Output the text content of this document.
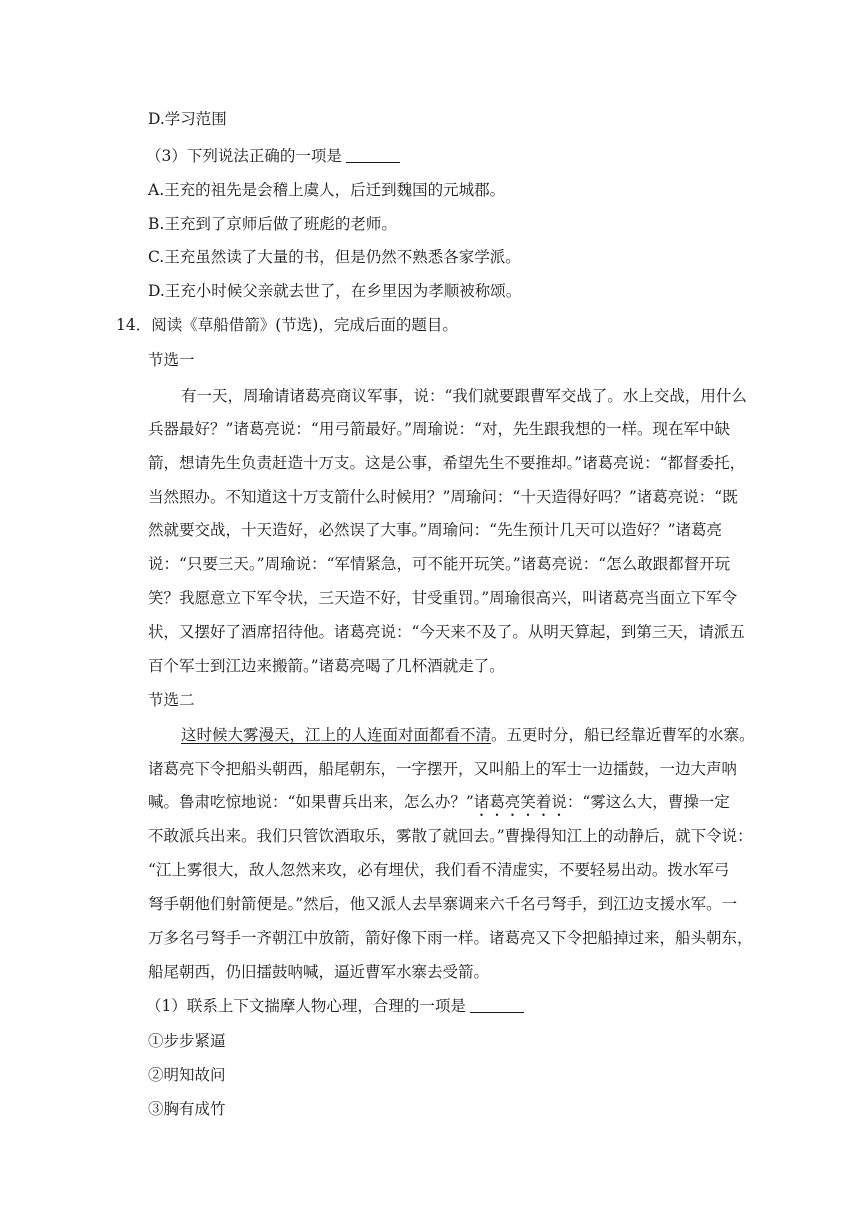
D.学习范围
（3）下列说法正确的一项是
A.王充的祖先是会稽上虞人，后迁到魏国的元城郡。
B.王充到了京师后做了班彪的老师。
C.王充虽然读了大量的书，但是仍然不熟悉各家学派。
D.王充小时候父亲就去世了，在乡里因为孝顺被称颂。
14．阅读《草船借箭》(节选)，完成后面的题目。
节选一
有一天，周瑜请诸葛亮商议军事，说：“我们就要跟曹军交战了。水上交战，用什么
兵器最好？”诸葛亮说：“用弓箭最好。”周瑜说：“对，先生跟我想的一样。现在军中缺
箭，想请先生负责赶造十万支。这是公事，希望先生不要推却。”诸葛亮说：“都督委托，
当然照办。不知道这十万支箭什么时候用？”周瑜问：“十天造得好吗？”诸葛亮说：“既
然就要交战，十天造好，必然误了大事。”周瑜问：“先生预计几天可以造好？”诸葛亮
说：“只要三天。”周瑜说：“军情紧急，可不能开玩笑。”诸葛亮说：“怎么敢跟都督开玩
笑？我愿意立下军令状，三天造不好，甘受重罚。”周瑜很高兴，叫诸葛亮当面立下军令
状，又摆好了酒席招待他。诸葛亮说：“今天来不及了。从明天算起，到第三天，请派五
百个军士到江边来搬箭。”诸葛亮喝了几杯酒就走了。
节选二
这时候大雾漫天，江上的人连面对面都看不清。五更时分，船已经靠近曹军的水寨。
诸葛亮下令把船头朝西，船尾朝东，一字摆开，又叫船上的军士一边擂鼓，一边大声呐
喊。鲁肃吃惊地说：“如果曹兵出来，怎么办？”诸葛亮笑着说：“雾这么大，曹操一定
不敢派兵出来。我们只管饮酒取乐，雾散了就回去。”曹操得知江上的动静后，就下令说：
“江上雾很大，敌人忽然来攻，必有埋伏，我们看不清虚实，不要轻易出动。拨水军弓
弩手朝他们射箭便是。”然后，他又派人去旱寨调来六千名弓弩手，到江边支援水军。一
万多名弓弩手一齐朝江中放箭，箭好像下雨一样。诸葛亮又下令把船掉过来，船头朝东，
船尾朝西，仍旧擂鼓呐喊，逼近曹军水寨去受箭。
（1）联系上下文揣摩人物心理，合理的一项是
①步步紧逼
②明知故问
③胸有成竹
